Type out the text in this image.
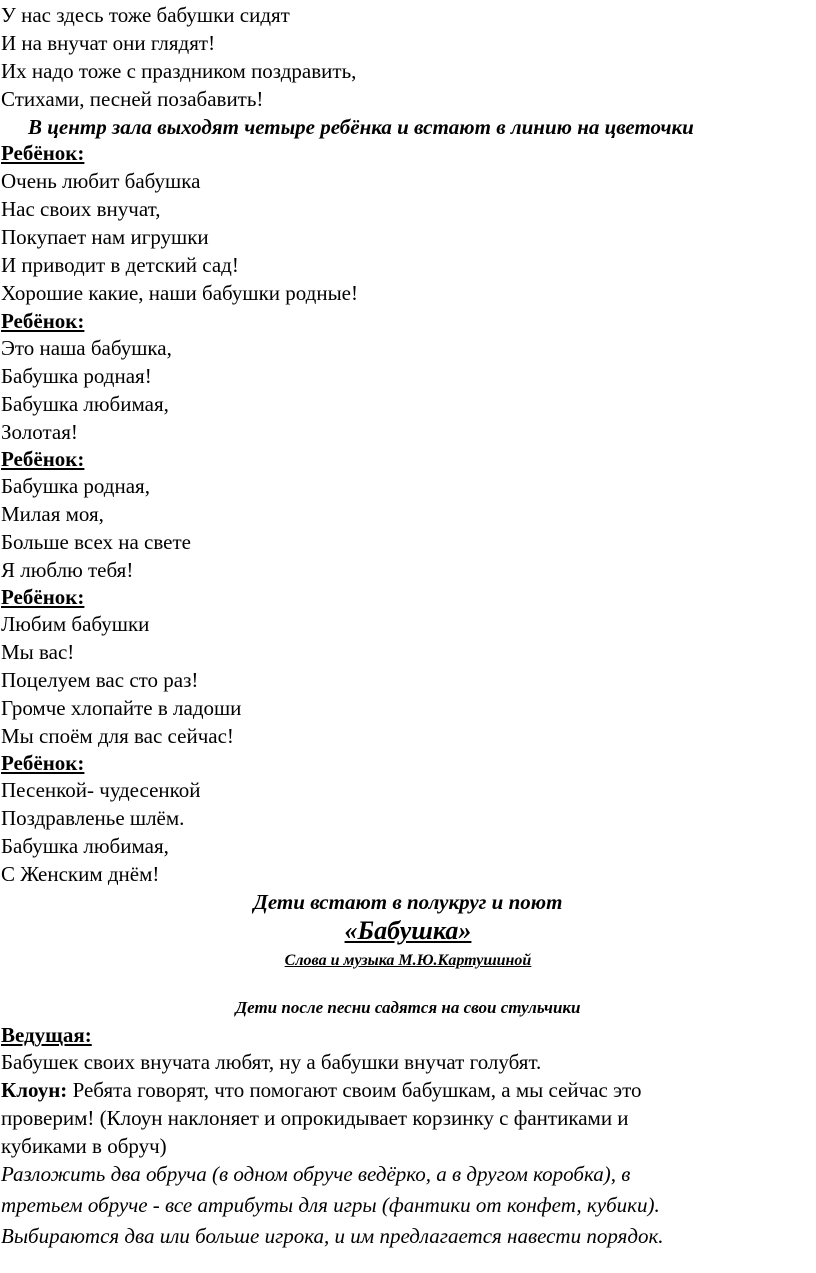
У нас здесь тоже бабушки сидят
И на внучат они глядят!
Их надо тоже с праздником поздравить,
Стихами, песней позабавить!
В центр зала выходят четыре ребёнка и встают в линию на цветочки
Ребёнок:
Очень любит бабушка
Нас своих внучат,
Покупает нам игрушки
И приводит в детский сад!
Хорошие какие, наши бабушки родные!
Ребёнок:
Это наша бабушка,
Бабушка родная!
Бабушка любимая,
Золотая!
Ребёнок:
Бабушка родная,
Милая моя,
Больше всех на свете
Я люблю тебя!
Ребёнок:
Любим бабушки
Мы вас!
Поцелуем вас сто раз!
Громче хлопайте в ладоши
Мы споём для вас сейчас!
Ребёнок:
Песенкой- чудесенкой
Поздравленье шлём.
Бабушка любимая,
С Женским днём!
Дети встают в полукруг и поют
«Бабушка»
Слова и музыка М.Ю.Картушиной
Дети после песни садятся на свои стульчики
Ведущая:
Бабушек своих внучата любят, ну а бабушки внучат голубят.
Клоун: Ребята говорят, что помогают своим бабушкам, а мы сейчас это
проверим! (Клоун наклоняет и опрокидывает корзинку с фантиками и
кубиками в обруч)
Разложить два обруча (в одном обруче ведёрко, а в другом коробка), в
третьем обруче - все атрибуты для игры (фантики от конфет, кубики).
Выбираются два или больше игрока, и им предлагается навести порядок.
